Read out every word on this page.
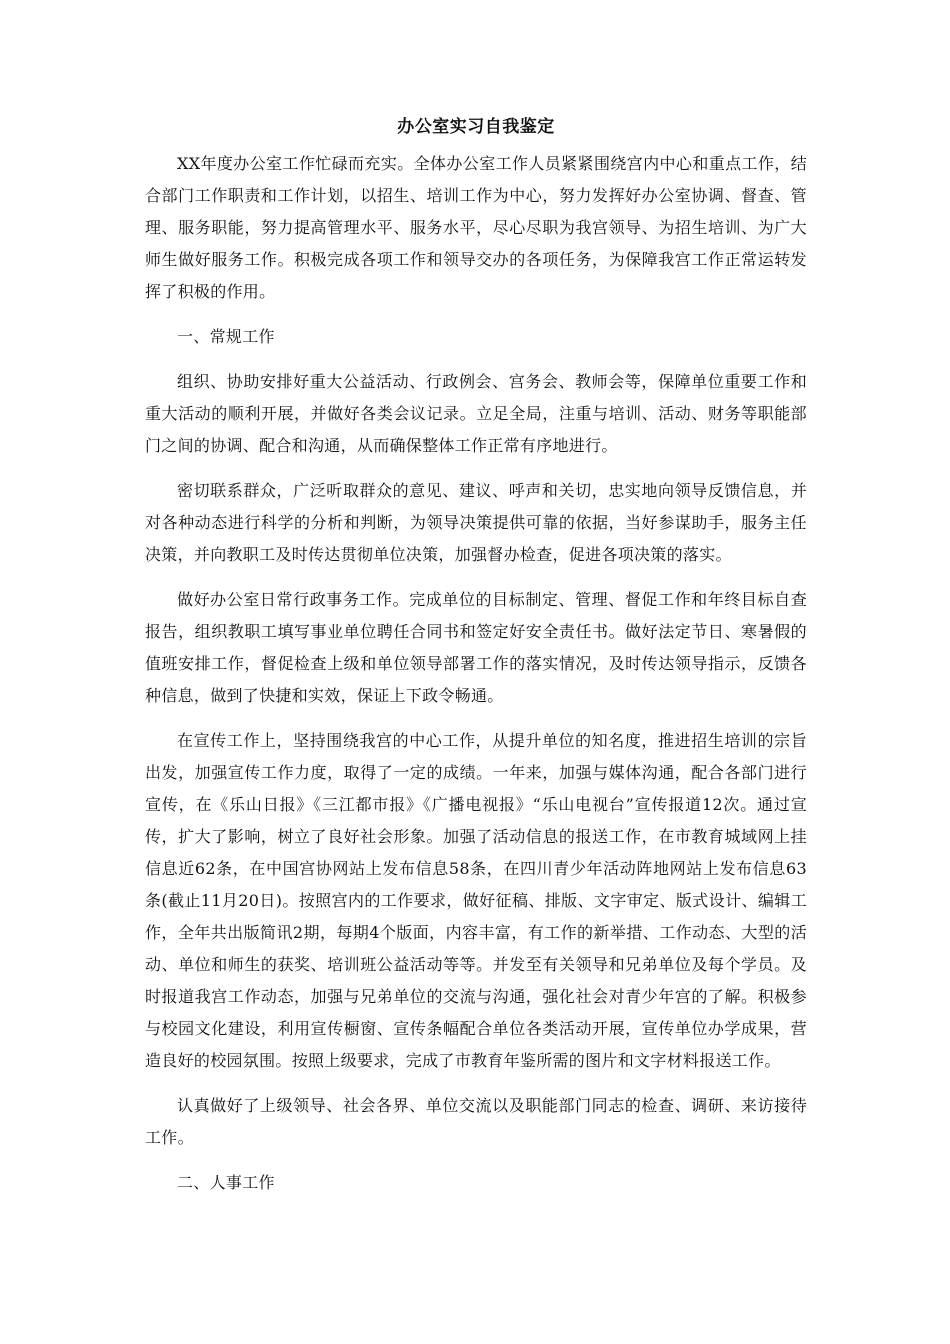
办公室实习自我鉴定

XX年度办公室工作忙碌而充实。全体办公室工作人员紧紧围绕宫内中心和重点工作，结合部门工作职责和工作计划，以招生、培训工作为中心，努力发挥好办公室协调、督查、管理、服务职能，努力提高管理水平、服务水平，尽心尽职为我宫领导、为招生培训、为广大师生做好服务工作。积极完成各项工作和领导交办的各项任务，为保障我宫工作正常运转发挥了积极的作用。

一、常规工作

组织、协助安排好重大公益活动、行政例会、宫务会、教师会等，保障单位重要工作和重大活动的顺利开展，并做好各类会议记录。立足全局，注重与培训、活动、财务等职能部门之间的协调、配合和沟通，从而确保整体工作正常有序地进行。

密切联系群众，广泛听取群众的意见、建议、呼声和关切，忠实地向领导反馈信息，并对各种动态进行科学的分析和判断，为领导决策提供可靠的依据，当好参谋助手，服务主任决策，并向教职工及时传达贯彻单位决策，加强督办检查，促进各项决策的落实。

做好办公室日常行政事务工作。完成单位的目标制定、管理、督促工作和年终目标自查报告，组织教职工填写事业单位聘任合同书和签定好安全责任书。做好法定节日、寒暑假的值班安排工作，督促检查上级和单位领导部署工作的落实情况，及时传达领导指示，反馈各种信息，做到了快捷和实效，保证上下政令畅通。

在宣传工作上，坚持围绕我宫的中心工作，从提升单位的知名度，推进招生培训的宗旨出发，加强宣传工作力度，取得了一定的成绩。一年来，加强与媒体沟通，配合各部门进行宣传，在《乐山日报》《三江都市报》《广播电视报》“乐山电视台”宣传报道12次。通过宣传，扩大了影响，树立了良好社会形象。加强了活动信息的报送工作，在市教育城域网上挂信息近62条，在中国宫协网站上发布信息58条，在四川青少年活动阵地网站上发布信息63条(截止11月20日)。按照宫内的工作要求，做好征稿、排版、文字审定、版式设计、编辑工作，全年共出版简讯2期，每期4个版面，内容丰富，有工作的新举措、工作动态、大型的活动、单位和师生的获奖、培训班公益活动等等。并发至有关领导和兄弟单位及每个学员。及时报道我宫工作动态，加强与兄弟单位的交流与沟通，强化社会对青少年宫的了解。积极参与校园文化建设，利用宣传橱窗、宣传条幅配合单位各类活动开展，宣传单位办学成果，营造良好的校园氛围。按照上级要求，完成了市教育年鉴所需的图片和文字材料报送工作。

认真做好了上级领导、社会各界、单位交流以及职能部门同志的检查、调研、来访接待工作。

二、人事工作
